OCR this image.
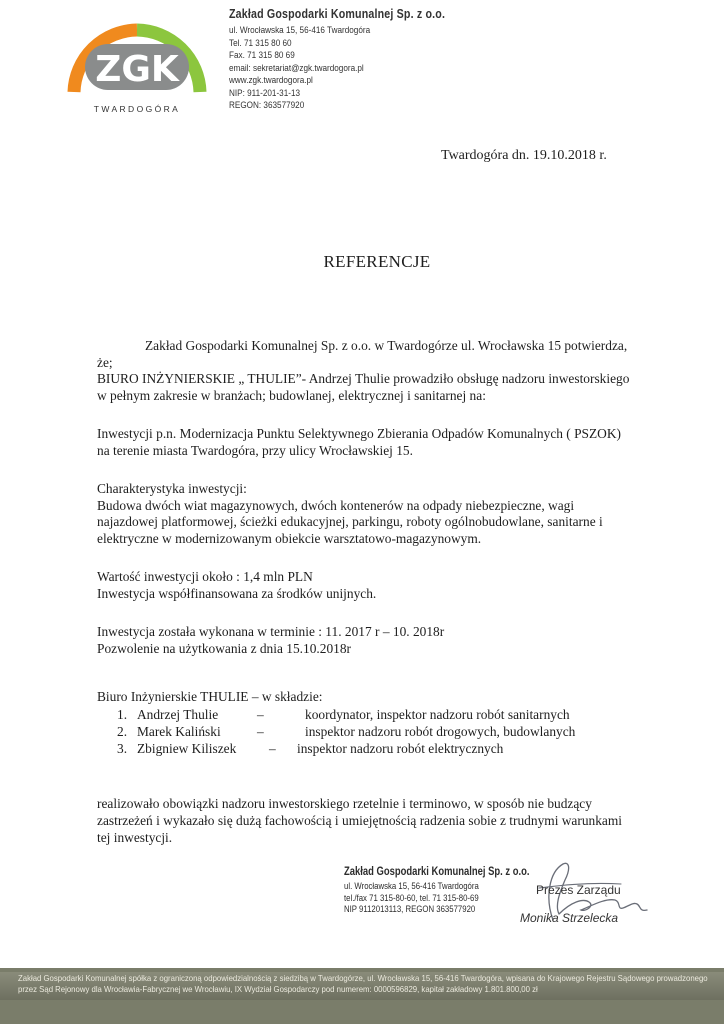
ZGK
TWARDOGÓRA
Zakład Gospodarki Komunalnej Sp. z o.o.
ul. Wrocławska 15, 56-416 Twardogóra
Tel. 71 315 80 60
Fax. 71 315 80 69
email: sekretariat@zgk.twardogora.pl
www.zgk.twardogora.pl
NIP: 911-201-31-13
REGON: 363577920
Twardogóra dn. 19.10.2018 r.
REFERENCJE

Zakład Gospodarki Komunalnej Sp. z o.o. w Twardogórze ul. Wrocławska 15 potwierdza,

że;

BIURO INŻYNIERSKIE „ THULIE”- Andrzej Thulie prowadziło obsługę nadzoru inwestorskiego

w pełnym zakresie w branżach; budowlanej, elektrycznej i sanitarnej na:

Inwestycji p.n. Modernizacja Punktu Selektywnego Zbierania Odpadów Komunalnych ( PSZOK)

na terenie miasta Twardogóra, przy ulicy Wrocławskiej 15.

Charakterystyka inwestycji:

Budowa dwóch wiat magazynowych, dwóch kontenerów na odpady niebezpieczne, wagi

najazdowej platformowej, ścieżki edukacyjnej, parkingu, roboty ogólnobudowlane, sanitarne i

elektryczne w modernizowanym obiekcie warsztatowo-magazynowym.

Wartość inwestycji około : 1,4 mln PLN

Inwestycja współfinansowana za środków unijnych.

Inwestycja została wykonana w terminie : 11. 2017 r – 10. 2018r

Pozwolenie na użytkowania z dnia 15.10.2018r

Biuro Inżynierskie THULIE – w składzie:

1. Andrzej Thulie	–	koordynator, inspektor nadzoru robót sanitarnych
2. Marek Kaliński	–	inspektor nadzoru robót drogowych, budowlanych
3. Zbigniew Kiliszek	–	inspektor nadzoru robót elektrycznych

realizowało obowiązki nadzoru inwestorskiego rzetelnie i terminowo, w sposób nie budzący

zastrzeżeń i wykazało się dużą fachowością i umiejętnością radzenia sobie z trudnymi warunkami

tej inwestycji.

Zakład Gospodarki Komunalnej Sp. z o.o.
ul. Wrocławska 15, 56-416 Twardogóra
tel./fax 71 315-80-60, tel. 71 315-80-69
NIP 9112013113, REGON 363577920
Prezes Zarządu
Monika Strzelecka
Zakład Gospodarki Komunalnej spółka z ograniczoną odpowiedzialnością z siedzibą w Twardogórze, ul. Wrocławska 15, 56-416 Twardogóra, wpisana do Krajowego Rejestru Sądowego prowadzonego
przez Sąd Rejonowy dla Wrocławia-Fabrycznej we Wrocławiu, IX Wydział Gospodarczy pod numerem: 0000596829, kapitał zakładowy 1.801.800,00 zł
